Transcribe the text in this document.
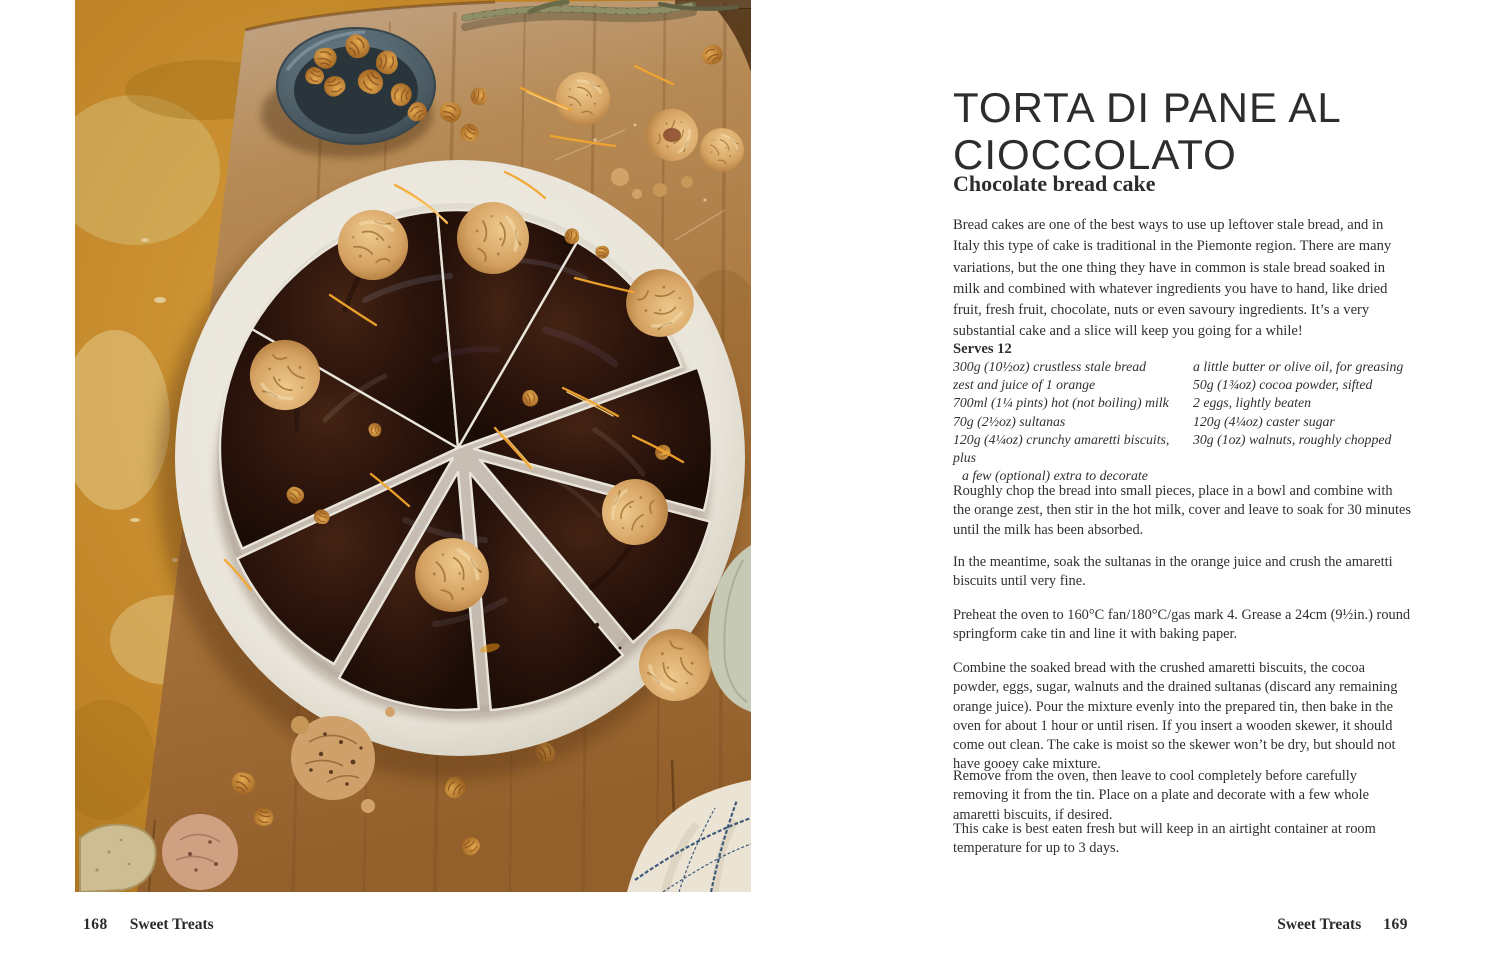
TORTA DI PANE AL
CIOCCOLATO
Chocolate bread cake
Bread cakes are one of the best ways to use up leftover stale bread, and in Italy this type of cake is traditional in the Piemonte region. There are many variations, but the one thing they have in common is stale bread soaked in milk and combined with whatever ingredients you have to hand, like dried fruit, fresh fruit, chocolate, nuts or even savoury ingredients. It’s a very substantial cake and a slice will keep you going for a while!
Serves 12
300g (10½oz) crustless stale bread
zest and juice of 1 orange
700ml (1¼ pints) hot (not boiling) milk
70g (2½oz) sultanas
120g (4¼oz) crunchy amaretti biscuits, plus
a few (optional) extra to decorate
a little butter or olive oil, for greasing
50g (1¾oz) cocoa powder, sifted
2 eggs, lightly beaten
120g (4¼oz) caster sugar
30g (1oz) walnuts, roughly chopped
Roughly chop the bread into small pieces, place in a bowl and combine with the orange zest, then stir in the hot milk, cover and leave to soak for 30 minutes until the milk has been absorbed.
In the meantime, soak the sultanas in the orange juice and crush the amaretti biscuits until very fine.
Preheat the oven to 160°C fan/180°C/gas mark 4. Grease a 24cm (9½in.) round springform cake tin and line it with baking paper.
Combine the soaked bread with the crushed amaretti biscuits, the cocoa powder, eggs, sugar, walnuts and the drained sultanas (discard any remaining orange juice). Pour the mixture evenly into the prepared tin, then bake in the oven for about 1 hour or until risen. If you insert a wooden skewer, it should come out clean. The cake is moist so the skewer won’t be dry, but should not have gooey cake mixture.
Remove from the oven, then leave to cool completely before carefully removing it from the tin. Place on a plate and decorate with a few whole amaretti biscuits, if desired.
This cake is best eaten fresh but will keep in an airtight container at room temperature for up to 3 days.
168 Sweet Treats	Sweet Treats 169
